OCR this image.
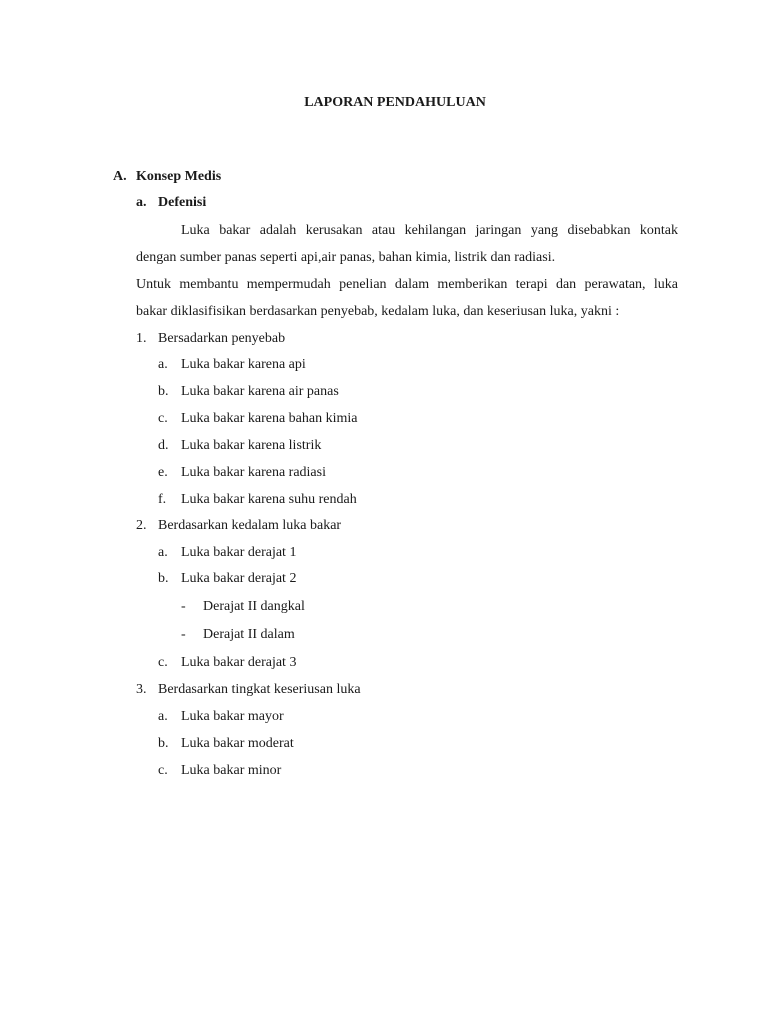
LAPORAN PENDAHULUAN
A. Konsep Medis
a. Defenisi
Luka bakar adalah kerusakan atau kehilangan jaringan yang disebabkan kontak
dengan sumber panas seperti api,air panas, bahan kimia, listrik dan radiasi.
Untuk membantu mempermudah penelian dalam memberikan terapi dan perawatan, luka
bakar diklasifisikan berdasarkan penyebab, kedalam luka, dan keseriusan luka, yakni :
1. Bersadarkan penyebab
a. Luka bakar karena api
b. Luka bakar karena air panas
c. Luka bakar karena bahan kimia
d. Luka bakar karena listrik
e. Luka bakar karena radiasi
f. Luka bakar karena suhu rendah
2. Berdasarkan kedalam luka bakar
a. Luka bakar derajat 1
b. Luka bakar derajat 2
- Derajat II dangkal
- Derajat II dalam
c. Luka bakar derajat 3
3. Berdasarkan tingkat keseriusan luka
a. Luka bakar mayor
b. Luka bakar moderat
c. Luka bakar minor
